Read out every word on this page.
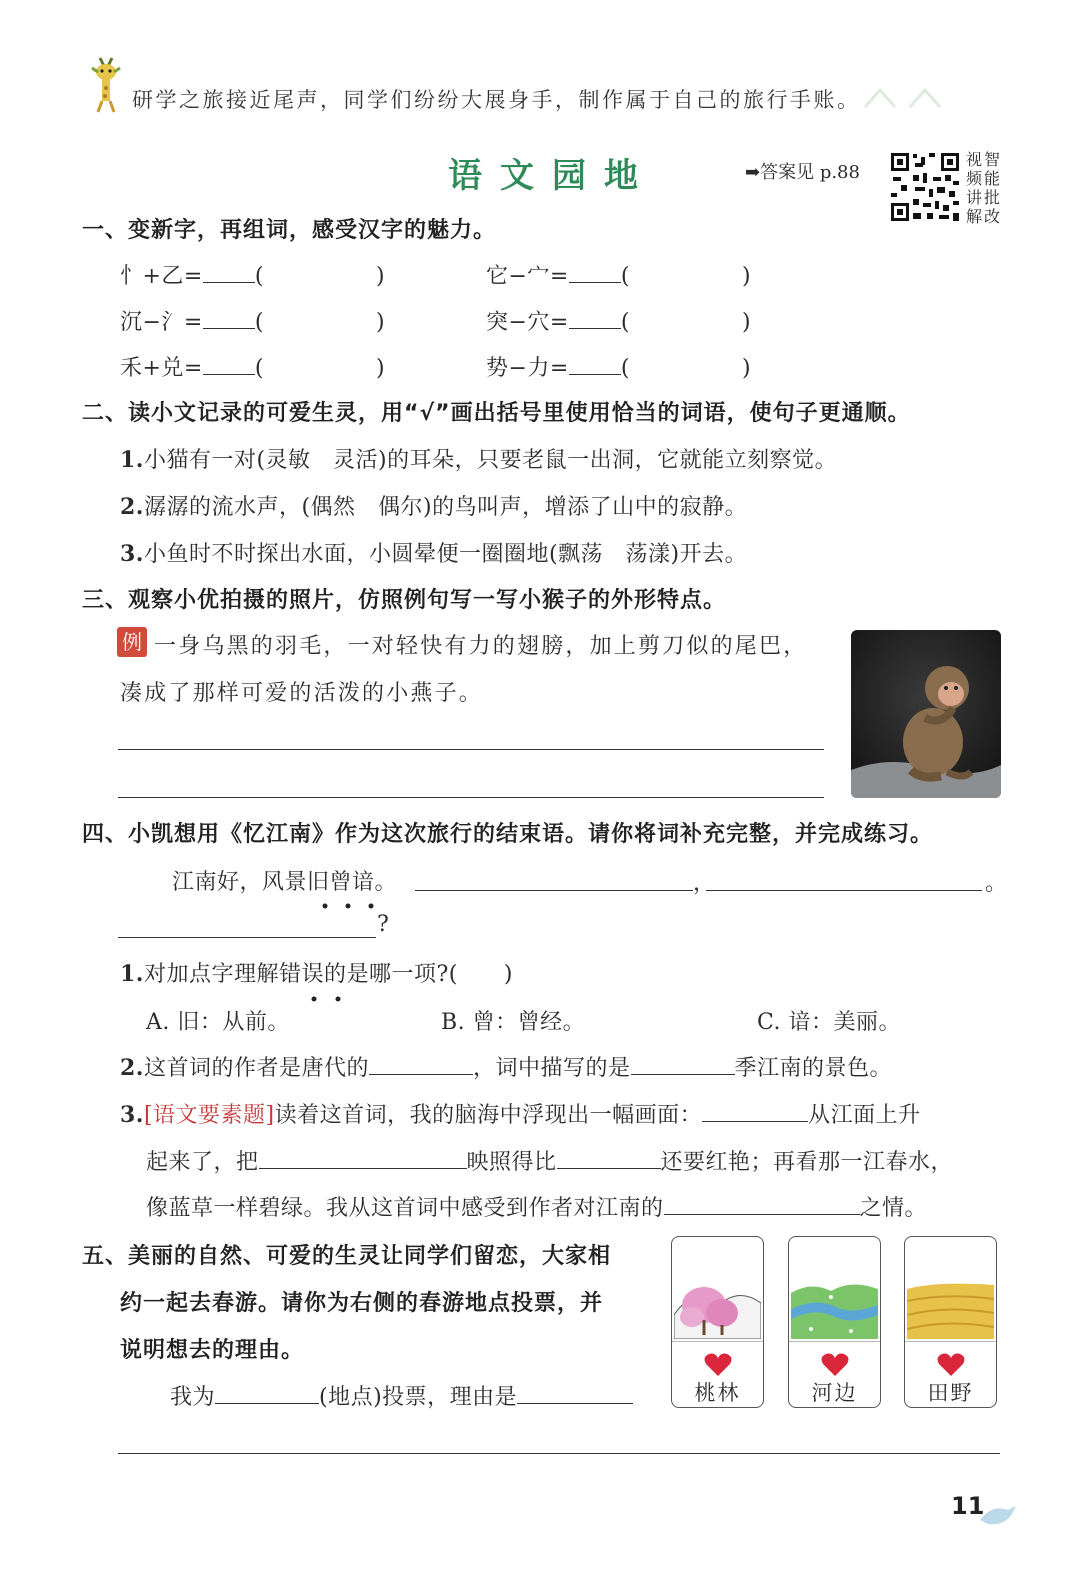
研学之旅接近尾声，同学们纷纷大展身手，制作属于自己的旅行手账。
语文园地	➡答案见 p.88
视 智
频 能
讲 批
解 改
一、变新字，再组词，感受汉字的魅力。
忄+乙= (	)	它−宀= (	)
沉−氵= (	)	突−穴= (	)
禾+兑= (	)	势−力= (	)
二、读小文记录的可爱生灵，用“√”画出括号里使用恰当的词语，使句子更通顺。
1.小猫有一对(灵敏　灵活)的耳朵，只要老鼠一出洞，它就能立刻察觉。
2.潺潺的流水声，(偶然　偶尔)的鸟叫声，增添了山中的寂静。
3.小鱼时不时探出水面，小圆晕便一圈圈地(飘荡　荡漾)开去。
三、观察小优拍摄的照片，仿照例句写一写小猴子的外形特点。
例 一身乌黑的羽毛，一对轻快有力的翅膀，加上剪刀似的尾巴，
凑成了那样可爱的活泼的小燕子。
四、小凯想用《忆江南》作为这次旅行的结束语。请你将词补充完整，并完成练习。
江南好，风景旧曾谙。	，	。
?
1.对加点字理解错误的是哪一项?( )
A. 旧：从前。	B. 曾：曾经。	C. 谙：美丽。
2.这首词的作者是唐代的	，词中描写的是	季江南的景色。
3.[语文要素题]读着这首词，我的脑海中浮现出一幅画面：	从江面上升
起来了，把	映照得比	还要红艳；再看那一江春水，
像蓝草一样碧绿。我从这首词中感受到作者对江南的	之情。
五、美丽的自然、可爱的生灵让同学们留恋，大家相
约一起去春游。请你为右侧的春游地点投票，并
说明想去的理由。
我为	(地点)投票，理由是	桃林	河边	田野
11
